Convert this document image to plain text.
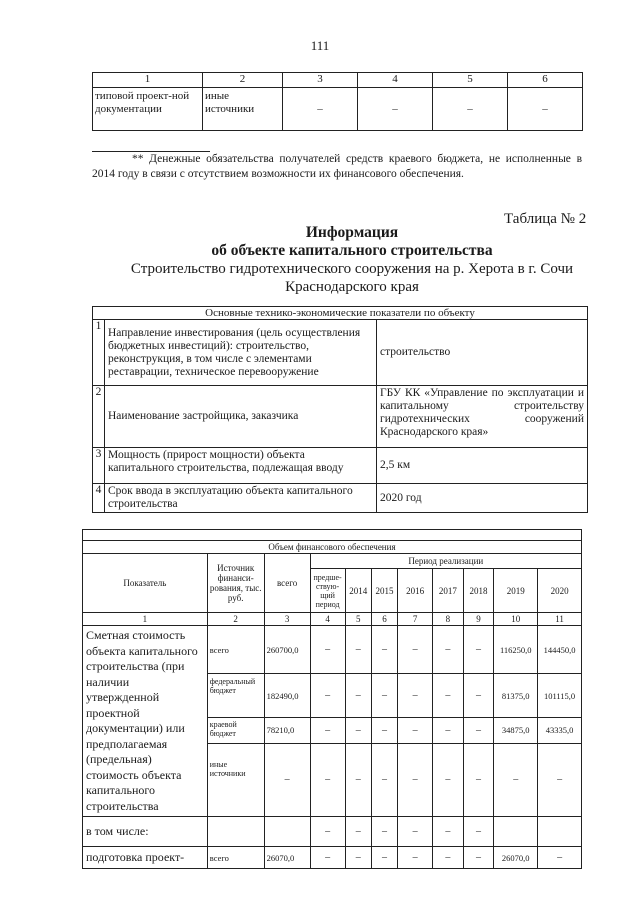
111
1	2	3	4	5	6
типовой проект-ной документации	иные источники	–	–	–	–
** Денежные обязательства получателей средств краевого бюджета, не исполненные в 2014 году в связи с отсутствием возможности их финансового обеспечения.
Таблица № 2
Информация
об объекте капитального строительства
Строительство гидротехнического сооружения на р. Херота в г. Сочи
Краснодарского края
Основные технико-экономические показатели по объекту		
1	Направление инвестирования (цель осуществления бюджетных инвестиций): строительство, реконструкция, в том числе с элементами реставрации, техническое перевооружение	строительство
2	Наименование застройщика, заказчика	ГБУ КК «Управление по эксплуатации и капитальному строительству гидротехнических сооружений Краснодарского края»
3	Мощность (прирост мощности) объекта капитального строительства, подлежащая вводу	2,5 км
4	Срок ввода в эксплуатацию объекта капитального строительства	2020 год

Объем финансового обеспечения										
Показатель	Источник финанси-рования, тыс. руб.	всего	Период реализации							
			предше-ствую-щий период	2014	2015	2016	2017	2018	2019	2020
1	2	3	4	5	6	7	8	9	10	11
Сметная стоимость объекта капитального строительства (при наличии утвержденной проектной документации) или предполагаемая (предельная) стоимость объекта капитального строительства	всего	260700,0	–	–	–	–	–	–	116250,0	144450,0
	федеральный бюджет	182490,0	–	–	–	–	–	–	81375,0	101115,0
	краевой бюджет	78210,0	–	–	–	–	–	–	34875,0	43335,0
	иные источники	–	–	–	–	–	–	–	–	–
в том числе:			–	–	–	–	–	–		
подготовка проект-	всего	26070,0	–	–	–	–	–	–	26070,0	–
